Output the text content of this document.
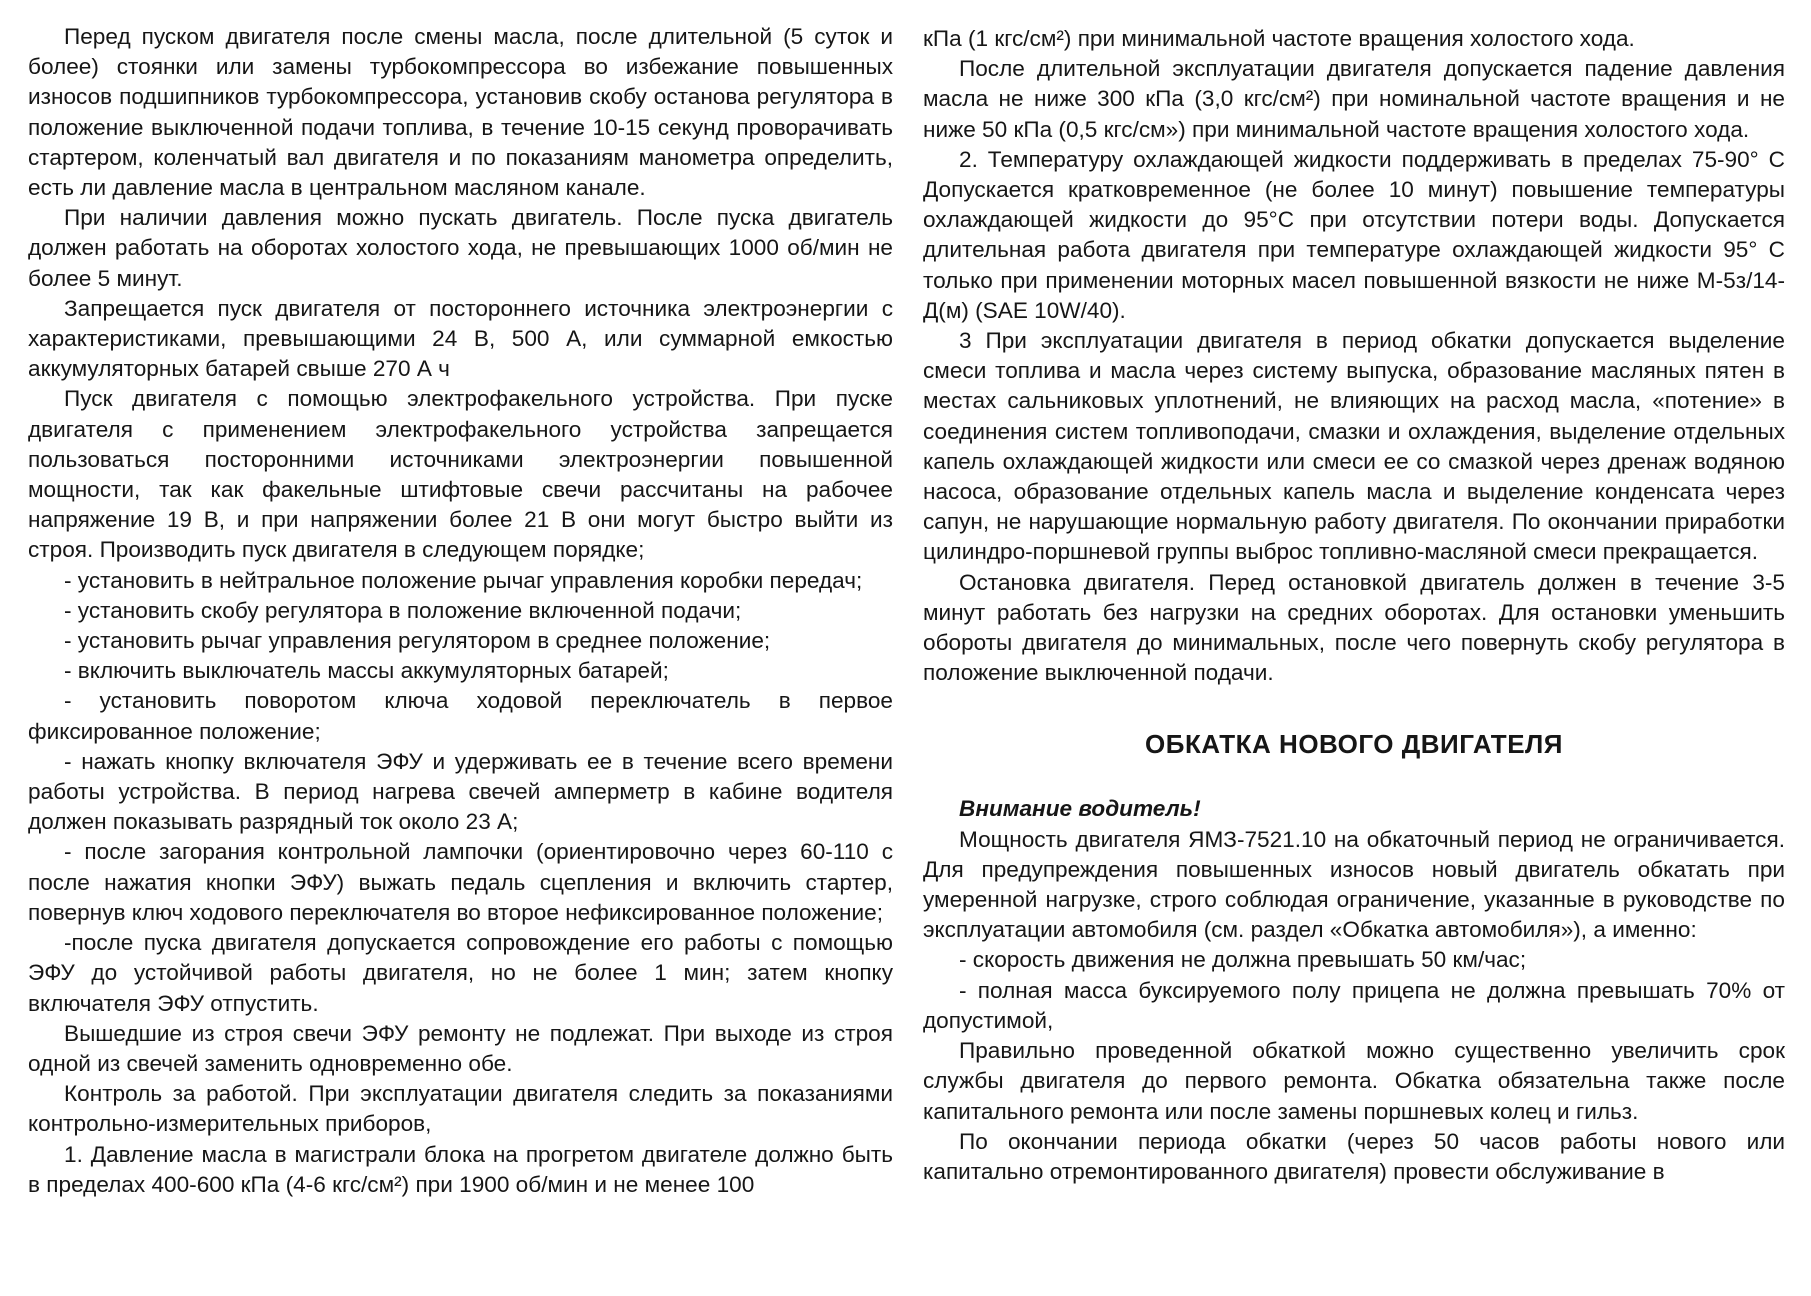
Перед пуском двигателя после смены масла, после длительной (5 суток и более) стоянки или замены турбокомпрессора во избежание повышенных износов подшипников турбокомпрессора, установив скобу останова регулятора в положение выключенной подачи топлива, в течение 10-15 секунд проворачивать стартером, коленчатый вал двигателя и по показаниям манометра определить, есть ли давление масла в центральном масляном канале.

При наличии давления можно пускать двигатель. После пуска двигатель должен работать на оборотах холостого хода, не превышающих 1000 об/мин не более 5 минут.

Запрещается пуск двигателя от постороннего источника электроэнергии с характеристиками, превышающими 24 В, 500 А, или суммарной емкостью аккумуляторных батарей свыше 270 А ч

Пуск двигателя с помощью электрофакельного устройства. При пуске двигателя с применением электрофакельного устройства запрещается пользоваться посторонними источниками электроэнергии повышенной мощности, так как факельные штифтовые свечи рассчитаны на рабочее напряжение 19 В, и при напряжении более 21 В они могут быстро выйти из строя. Производить пуск двигателя в следующем порядке;

- установить в нейтральное положение рычаг управления коробки передач;

- установить скобу регулятора в положение включенной подачи;

- установить рычаг управления регулятором в среднее положение;

- включить выключатель массы аккумуляторных батарей;

- установить поворотом ключа ходовой переключатель в первое фиксированное положение;

- нажать кнопку включателя ЭФУ и удерживать ее в течение всего времени работы устройства. В период нагрева свечей амперметр в кабине водителя должен показывать разрядный ток около 23 А;

- после загорания контрольной лампочки (ориентировочно через 60-110 с после нажатия кнопки ЭФУ) выжать педаль сцепления и включить стартер, повернув ключ ходового переключателя во второе нефиксированное положение;

-после пуска двигателя допускается сопровождение его работы с помощью ЭФУ до устойчивой работы двигателя, но не более 1 мин; затем кнопку включателя ЭФУ отпустить.

Вышедшие из строя свечи ЭФУ ремонту не подлежат. При выходе из строя одной из свечей заменить одновременно обе.

Контроль за работой. При эксплуатации двигателя следить за показаниями контрольно-измерительных приборов,

1. Давление масла в магистрали блока на прогретом двигателе должно быть в пределах 400-600 кПа (4-6 кгс/см²) при 1900 об/мин и не менее 100

кПа (1 кгс/см²) при минимальной частоте вращения холостого хода.

После длительной эксплуатации двигателя допускается падение давления масла не ниже 300 кПа (3,0 кгс/см²) при номинальной частоте вращения и не ниже 50 кПа (0,5 кгс/см») при минимальной частоте вращения холостого хода.

2. Температуру охлаждающей жидкости поддерживать в пределах 75-90° С Допускается кратковременное (не более 10 минут) повышение температуры охлаждающей жидкости до 95°С при отсутствии потери воды. Допускается длительная работа двигателя при температуре охлаждающей жидкости 95° С только при применении моторных масел повышенной вязкости не ниже М-5з/14-Д(м) (SAE 10W/40).

3 При эксплуатации двигателя в период обкатки допускается выделение смеси топлива и масла через систему выпуска, образование масляных пятен в местах сальниковых уплотнений, не влияющих на расход масла, «потение» в соединения систем топливоподачи, смазки и охлаждения, выделение отдельных капель охлаждающей жидкости или смеси ее со смазкой через дренаж водяною насоса, образование отдельных капель масла и выделение конденсата через сапун, не нарушающие нормальную работу двигателя. По окончании приработки цилиндро-поршневой группы выброс топливно-масляной смеси прекращается.

Остановка двигателя. Перед остановкой двигатель должен в течение 3-5 минут работать без нагрузки на средних оборотах. Для остановки уменьшить обороты двигателя до минимальных, после чего повернуть скобу регулятора в положение выключенной подачи.

ОБКАТКА НОВОГО ДВИГАТЕЛЯ

Внимание водитель!

Мощность двигателя ЯМЗ-7521.10 на обкаточный период не ограничивается. Для предупреждения повышенных износов новый двигатель обкатать при умеренной нагрузке, строго соблюдая ограничение, указанные в руководстве по эксплуатации автомобиля (см. раздел «Обкатка автомобиля»), а именно:

- скорость движения не должна превышать 50 км/час;

- полная масса буксируемого полу прицепа не должна превышать 70% от допустимой,

Правильно проведенной обкаткой можно существенно увеличить срок службы двигателя до первого ремонта. Обкатка обязательна также после капитального ремонта или после замены поршневых колец и гильз.

По окончании периода обкатки (через 50 часов работы нового или капитально отремонтированного двигателя) провести обслуживание в
